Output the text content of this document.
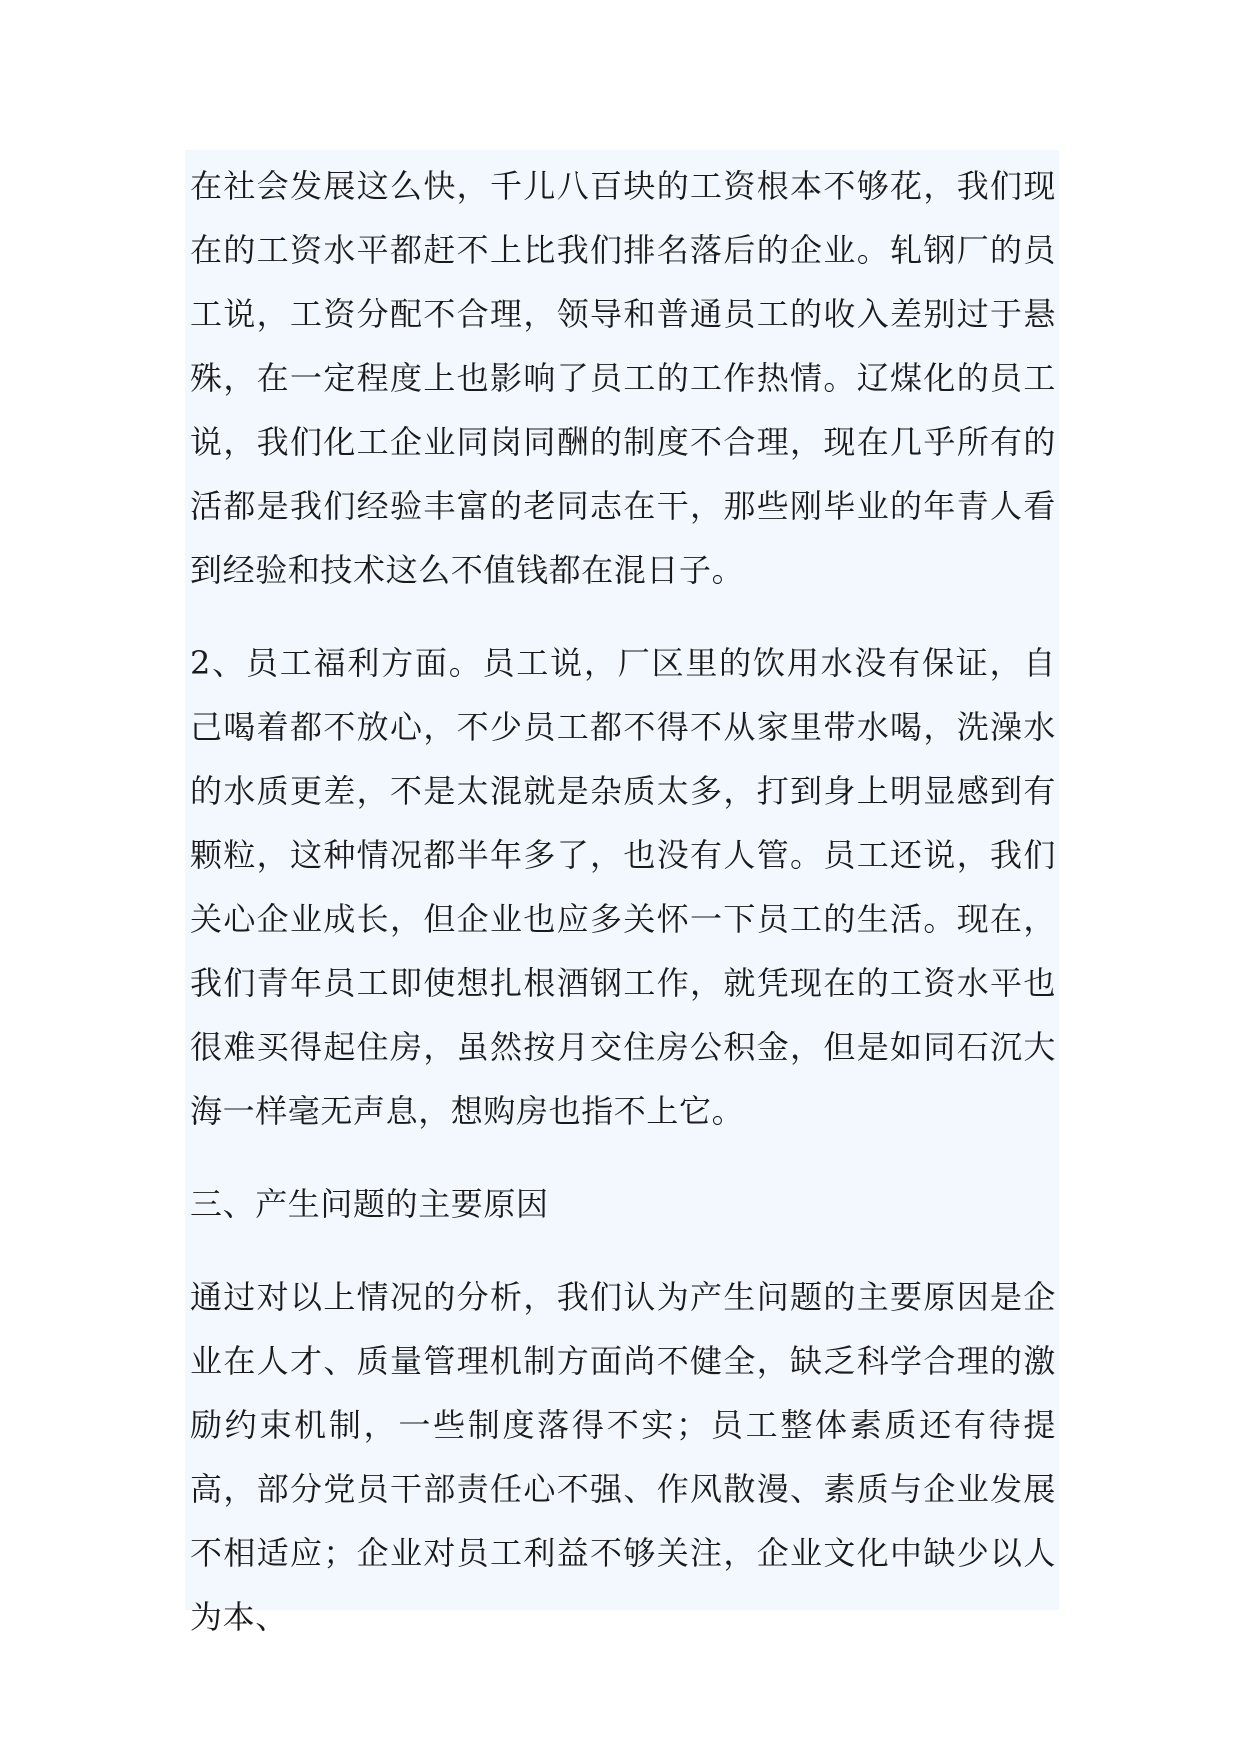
在社会发展这么快，千儿八百块的工资根本不够花，我们现在的工资水平都赶不上比我们排名落后的企业。轧钢厂的员工说，工资分配不合理，领导和普通员工的收入差别过于悬殊，在一定程度上也影响了员工的工作热情。辽煤化的员工说，我们化工企业同岗同酬的制度不合理，现在几乎所有的活都是我们经验丰富的老同志在干，那些刚毕业的年青人看到经验和技术这么不值钱都在混日子。

2、员工福利方面。员工说，厂区里的饮用水没有保证，自己喝着都不放心，不少员工都不得不从家里带水喝，洗澡水的水质更差，不是太混就是杂质太多，打到身上明显感到有颗粒，这种情况都半年多了，也没有人管。员工还说，我们关心企业成长，但企业也应多关怀一下员工的生活。现在，我们青年员工即使想扎根酒钢工作，就凭现在的工资水平也很难买得起住房，虽然按月交住房公积金，但是如同石沉大海一样毫无声息，想购房也指不上它。

三、产生问题的主要原因

通过对以上情况的分析，我们认为产生问题的主要原因是企业在人才、质量管理机制方面尚不健全，缺乏科学合理的激励约束机制，一些制度落得不实；员工整体素质还有待提高，部分党员干部责任心不强、作风散漫、素质与企业发展不相适应；企业对员工利益不够关注，企业文化中缺少以人为本、
